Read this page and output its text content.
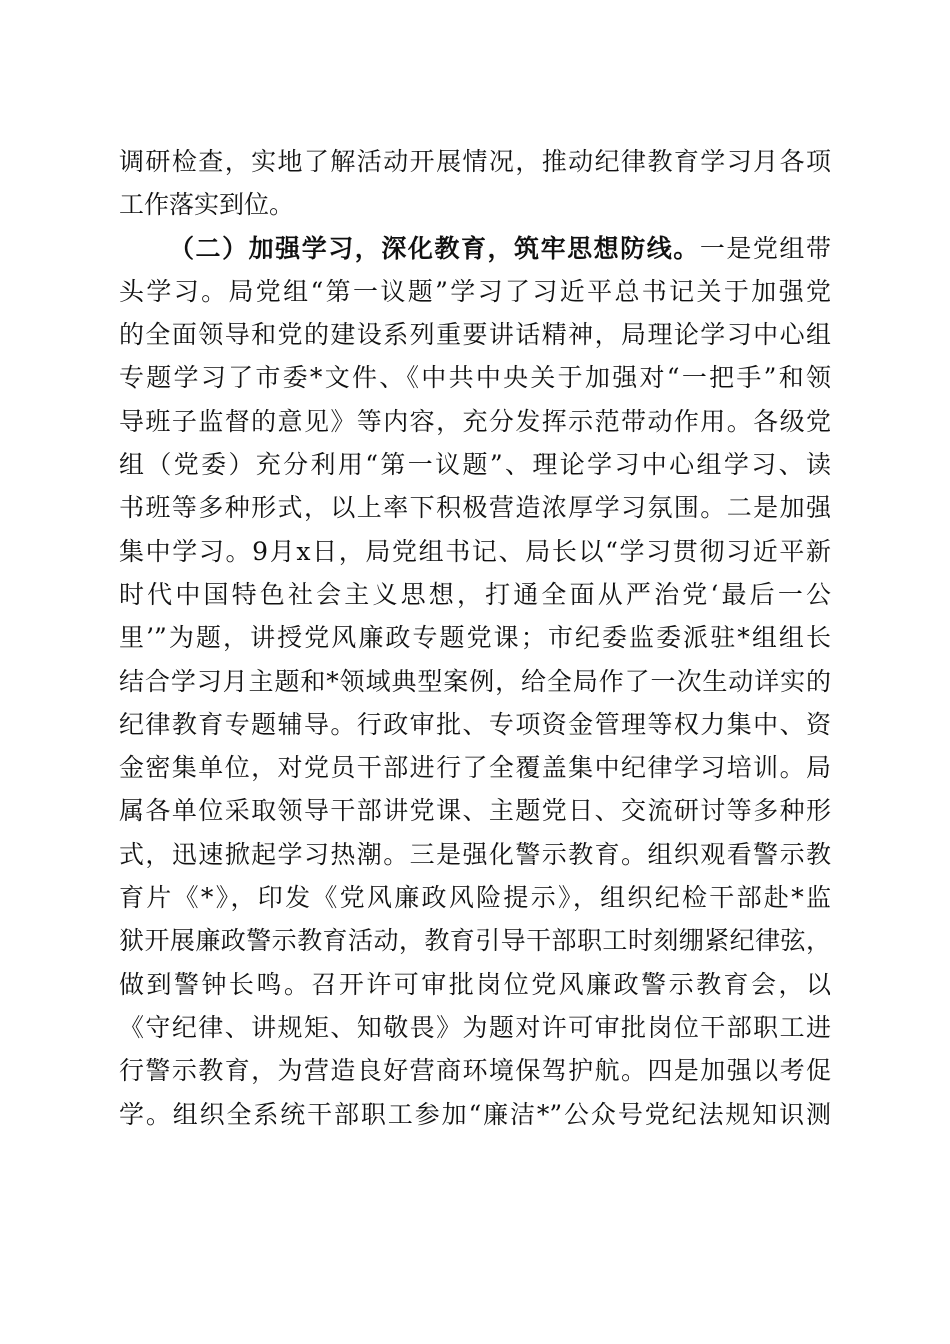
调研检查，实地了解活动开展情况，推动纪律教育学习月各项
工作落实到位。
（二）加强学习，深化教育，筑牢思想防线。一是党组带
头学习。局党组“第一议题”学习了习近平总书记关于加强党
的全面领导和党的建设系列重要讲话精神，局理论学习中心组
专题学习了市委*文件、《中共中央关于加强对“一把手”和领
导班子监督的意见》等内容，充分发挥示范带动作用。各级党
组（党委）充分利用“第一议题”、理论学习中心组学习、读
书班等多种形式，以上率下积极营造浓厚学习氛围。二是加强
集中学习。9月x日，局党组书记、局长以“学习贯彻习近平新
时代中国特色社会主义思想，打通全面从严治党‘最后一公
里’”为题，讲授党风廉政专题党课；市纪委监委派驻*组组长
结合学习月主题和*领域典型案例，给全局作了一次生动详实的
纪律教育专题辅导。行政审批、专项资金管理等权力集中、资
金密集单位，对党员干部进行了全覆盖集中纪律学习培训。局
属各单位采取领导干部讲党课、主题党日、交流研讨等多种形
式，迅速掀起学习热潮。三是强化警示教育。组织观看警示教
育片《*》，印发《党风廉政风险提示》，组织纪检干部赴*监
狱开展廉政警示教育活动，教育引导干部职工时刻绷紧纪律弦，
做到警钟长鸣。召开许可审批岗位党风廉政警示教育会，以
《守纪律、讲规矩、知敬畏》为题对许可审批岗位干部职工进
行警示教育，为营造良好营商环境保驾护航。四是加强以考促
学。组织全系统干部职工参加“廉洁*”公众号党纪法规知识测
